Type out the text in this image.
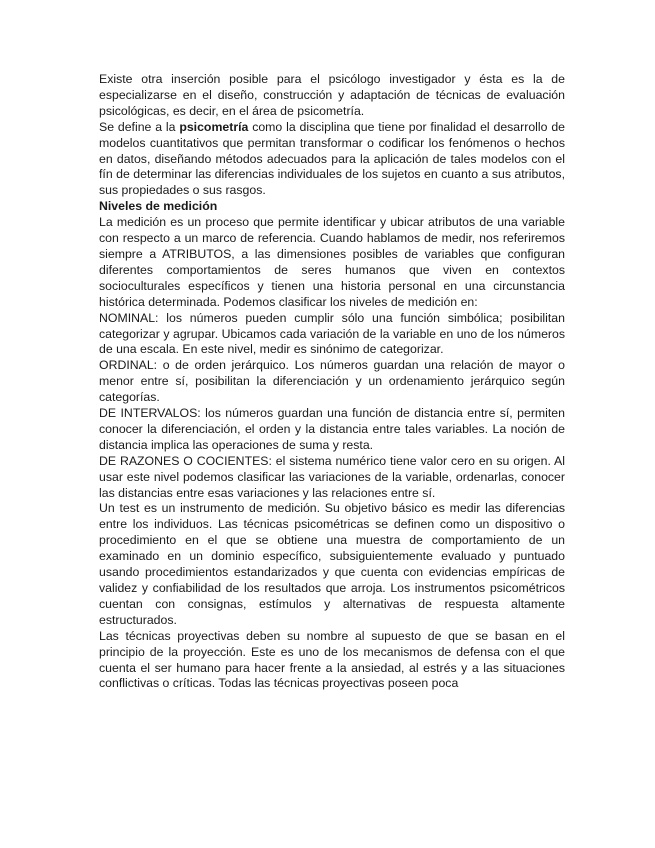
Existe otra inserción posible para el psicólogo investigador y ésta es la de especializarse en el diseño, construcción y adaptación de técnicas de evaluación psicológicas, es decir, en el área de psicometría.

Se define a la psicometría como la disciplina que tiene por finalidad el desarrollo de modelos cuantitativos que permitan transformar o codificar los fenómenos o hechos en datos, diseñando métodos adecuados para la aplicación de tales modelos con el fín de determinar las diferencias individuales de los sujetos en cuanto a sus atributos, sus propiedades o sus rasgos.

Niveles de medición

La medición es un proceso que permite identificar y ubicar atributos de una variable con respecto a un marco de referencia. Cuando hablamos de medir, nos referiremos siempre a ATRIBUTOS, a las dimensiones posibles de variables que configuran diferentes comportamientos de seres humanos que viven en contextos socioculturales específicos y tienen una historia personal en una circunstancia histórica determinada. Podemos clasificar los niveles de medición en:

NOMINAL: los números pueden cumplir sólo una función simbólica; posibilitan categorizar y agrupar. Ubicamos cada variación de la variable en uno de los números de una escala. En este nivel, medir es sinónimo de categorizar.

ORDINAL: o de orden jerárquico. Los números guardan una relación de mayor o menor entre sí, posibilitan la diferenciación y un ordenamiento jerárquico según categorías.

DE INTERVALOS: los números guardan una función de distancia entre sí, permiten conocer la diferenciación, el orden y la distancia entre tales variables. La noción de distancia implica las operaciones de suma y resta.

DE RAZONES O COCIENTES: el sistema numérico tiene valor cero en su origen. Al usar este nivel podemos clasificar las variaciones de la variable, ordenarlas, conocer las distancias entre esas variaciones y las relaciones entre sí.

Un test es un instrumento de medición. Su objetivo básico es medir las diferencias entre los individuos. Las técnicas psicométricas se definen como un dispositivo o procedimiento en el que se obtiene una muestra de comportamiento de un examinado en un dominio específico, subsiguientemente evaluado y puntuado usando procedimientos estandarizados y que cuenta con evidencias empíricas de validez y confiabilidad de los resultados que arroja. Los instrumentos psicométricos cuentan con consignas, estímulos y alternativas de respuesta altamente estructurados.

Las técnicas proyectivas deben su nombre al supuesto de que se basan en el principio de la proyección. Este es uno de los mecanismos de defensa con el que cuenta el ser humano para hacer frente a la ansiedad, al estrés y a las situaciones conflictivas o críticas. Todas las técnicas proyectivas poseen poca
